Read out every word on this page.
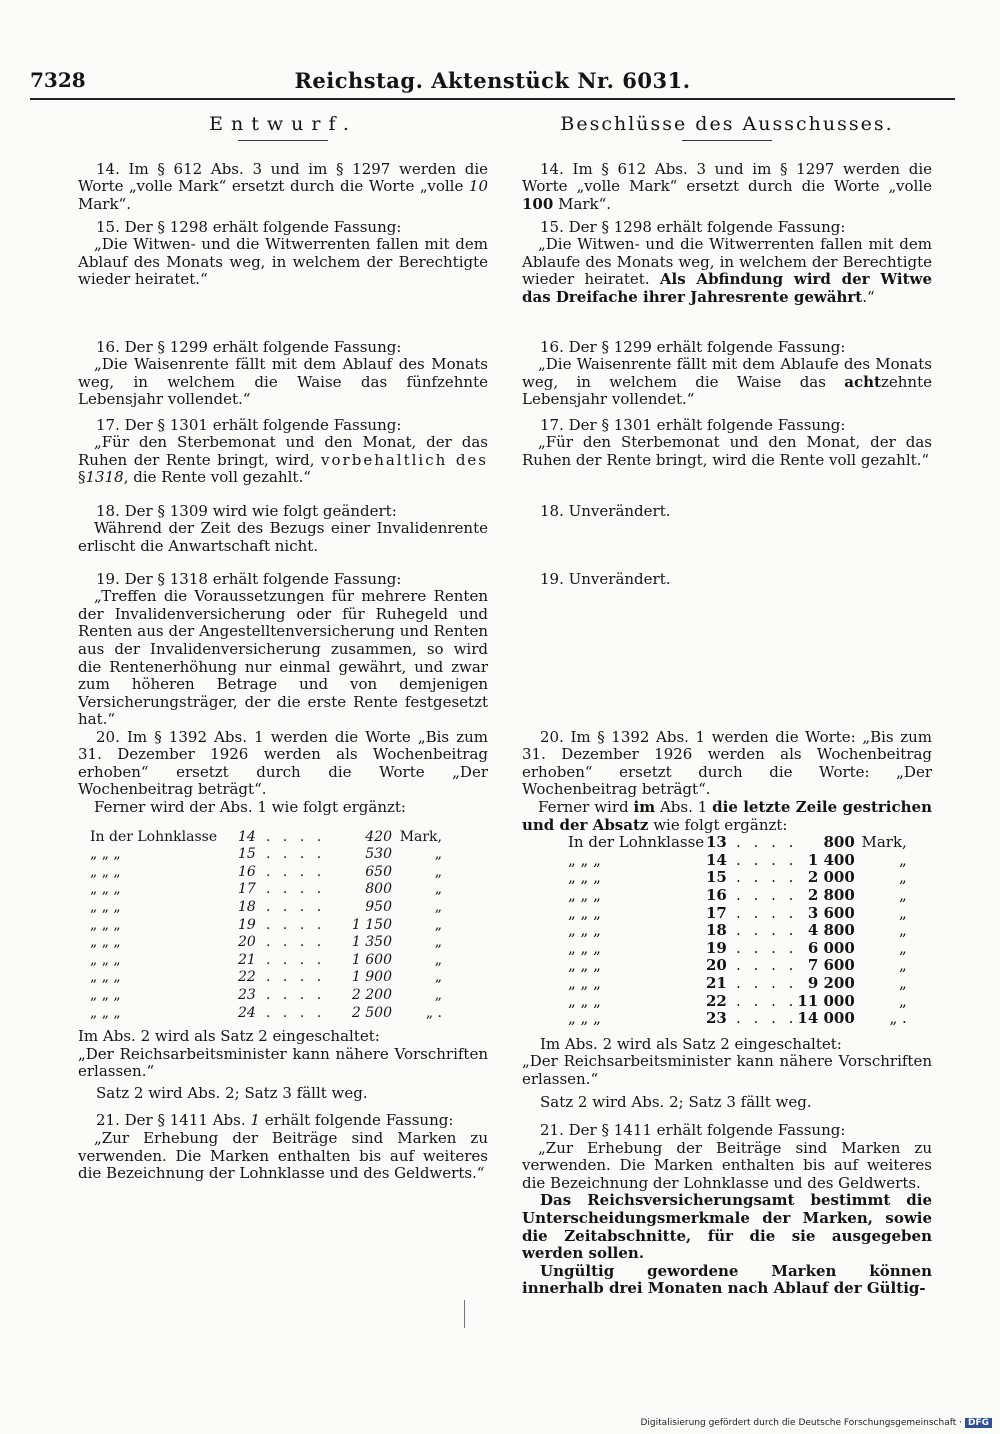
7328	Reichstag. Aktenstück Nr. 6031.
Entwurf.

14. Im § 612 Abs. 3 und im § 1297 werden die Worte „volle Mark“ ersetzt durch die Worte „volle 10 Mark“.

15. Der § 1298 erhält folgende Fassung:

„Die Witwen- und die Witwerrenten fallen mit dem Ablauf des Monats weg, in welchem der Berechtigte wieder heiratet.“

16. Der § 1299 erhält folgende Fassung:

„Die Waisenrente fällt mit dem Ablauf des Monats weg, in welchem die Waise das fünfzehnte Lebensjahr vollendet.“

17. Der § 1301 erhält folgende Fassung:

„Für den Sterbemonat und den Monat, der das Ruhen der Rente bringt, wird, vorbehaltlich des §1318, die Rente voll gezahlt.“

18. Der § 1309 wird wie folgt geändert:

Während der Zeit des Bezugs einer Invalidenrente erlischt die Anwartschaft nicht.

19. Der § 1318 erhält folgende Fassung:

„Treffen die Voraussetzungen für mehrere Renten der Invalidenversicherung oder für Ruhegeld und Renten aus der Angestelltenversicherung und Renten aus der Invalidenversicherung zusammen, so wird die Rentenerhöhung nur einmal gewährt, und zwar zum höheren Betrage und von demjenigen Versicherungsträger, der die erste Rente festgesetzt hat.“

20. Im § 1392 Abs. 1 werden die Worte „Bis zum 31. Dezember 1926 werden als Wochenbeitrag erhoben“ ersetzt durch die Worte „Der Wochenbeitrag beträgt“.

Ferner wird der Abs. 1 wie folgt ergänzt:

In der Lohnklasse	14	. . . .	420	Mark,
„ „ „	15	. . . .	530	„
„ „ „	16	. . . .	650	„
„ „ „	17	. . . .	800	„
„ „ „	18	. . . .	950	„
„ „ „	19	. . . .	1 150	„
„ „ „	20	. . . .	1 350	„
„ „ „	21	. . . .	1 600	„
„ „ „	22	. . . .	1 900	„
„ „ „	23	. . . .	2 200	„
„ „ „	24	. . . .	2 500	„ .

Im Abs. 2 wird als Satz 2 eingeschaltet:

„Der Reichsarbeitsminister kann nähere Vorschriften erlassen.“

Satz 2 wird Abs. 2; Satz 3 fällt weg.

21. Der § 1411 Abs. 1 erhält folgende Fassung:

„Zur Erhebung der Beiträge sind Marken zu verwenden. Die Marken enthalten bis auf weiteres die Bezeichnung der Lohnklasse und des Geldwerts.“

Beschlüsse des Ausschusses.

14. Im § 612 Abs. 3 und im § 1297 werden die Worte „volle Mark“ ersetzt durch die Worte „volle 100 Mark“.

15. Der § 1298 erhält folgende Fassung:

„Die Witwen- und die Witwerrenten fallen mit dem Ablaufe des Monats weg, in welchem der Berechtigte wieder heiratet. Als Abfindung wird der Witwe das Dreifache ihrer Jahresrente gewährt.“

16. Der § 1299 erhält folgende Fassung:

„Die Waisenrente fällt mit dem Ablaufe des Monats weg, in welchem die Waise das achtzehnte Lebensjahr vollendet.“

17. Der § 1301 erhält folgende Fassung:

„Für den Sterbemonat und den Monat, der das Ruhen der Rente bringt, wird die Rente voll gezahlt.“

18. Unverändert.

19. Unverändert.

20. Im § 1392 Abs. 1 werden die Worte: „Bis zum 31. Dezember 1926 werden als Wochenbeitrag erhoben“ ersetzt durch die Worte: „Der Wochenbeitrag beträgt“.

Ferner wird im Abs. 1 die letzte Zeile gestrichen und der Absatz wie folgt ergänzt:

In der Lohnklasse	13	. . . .	800	Mark,
„ „ „	14	. . . .	1 400	„
„ „ „	15	. . . .	2 000	„
„ „ „	16	. . . .	2 800	„
„ „ „	17	. . . .	3 600	„
„ „ „	18	. . . .	4 800	„
„ „ „	19	. . . .	6 000	„
„ „ „	20	. . . .	7 600	„
„ „ „	21	. . . .	9 200	„
„ „ „	22	. . . .	11 000	„
„ „ „	23	. . . .	14 000	„ .

Im Abs. 2 wird als Satz 2 eingeschaltet:

„Der Reichsarbeitsminister kann nähere Vorschriften erlassen.“

Satz 2 wird Abs. 2; Satz 3 fällt weg.

21. Der § 1411 erhält folgende Fassung:

„Zur Erhebung der Beiträge sind Marken zu verwenden. Die Marken enthalten bis auf weiteres die Bezeichnung der Lohnklasse und des Geldwerts.

Das Reichsversicherungsamt bestimmt die Unterscheidungsmerkmale der Marken, sowie die Zeitabschnitte, für die sie ausgegeben werden sollen.

Ungültig gewordene Marken können innerhalb drei Monaten nach Ablauf der Gültig-

Digitalisierung gefördert durch die Deutsche Forschungsgemeinschaft · DFG
